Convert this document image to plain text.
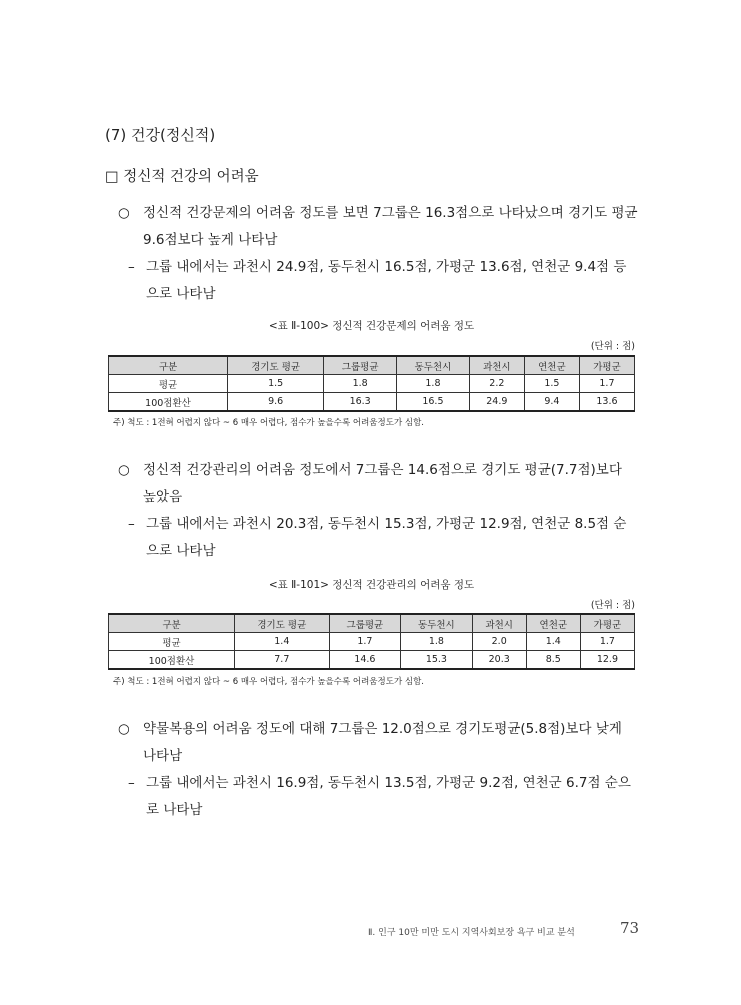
(7) 건강(정신적)
□ 정신적 건강의 어려움
○ 정신적 건강문제의 어려움 정도를 보면 7그룹은 16.3점으로 나타났으며 경기도 평균 9.6점보다 높게 나타남
– 그룹 내에서는 과천시 24.9점, 동두천시 16.5점, 가평군 13.6점, 연천군 9.4점 등으로 나타남
<표 Ⅱ-100> 정신적 건강문제의 어려움 정도
(단위 : 점)
구분	경기도 평균	그룹평균	동두천시	과천시	연천군	가평군
평균	1.5	1.8	1.8	2.2	1.5	1.7
100점환산	9.6	16.3	16.5	24.9	9.4	13.6
주) 척도 : 1전혀 어렵지 않다 ~ 6 매우 어렵다, 점수가 높을수록 어려움정도가 심함.
○ 정신적 건강관리의 어려움 정도에서 7그룹은 14.6점으로 경기도 평균(7.7점)보다 높았음
– 그룹 내에서는 과천시 20.3점, 동두천시 15.3점, 가평군 12.9점, 연천군 8.5점 순으로 나타남
<표 Ⅱ-101> 정신적 건강관리의 어려움 정도
(단위 : 점)
구분	경기도 평균	그룹평균	동두천시	과천시	연천군	가평군
평균	1.4	1.7	1.8	2.0	1.4	1.7
100점환산	7.7	14.6	15.3	20.3	8.5	12.9
주) 척도 : 1전혀 어렵지 않다 ~ 6 매우 어렵다, 점수가 높을수록 어려움정도가 심함.
○ 약물복용의 어려움 정도에 대해 7그룹은 12.0점으로 경기도평균(5.8점)보다 낮게 나타남
– 그룹 내에서는 과천시 16.9점, 동두천시 13.5점, 가평군 9.2점, 연천군 6.7점 순으로 나타남
Ⅱ. 인구 10만 미만 도시 지역사회보장 욕구 비교 분석	73
